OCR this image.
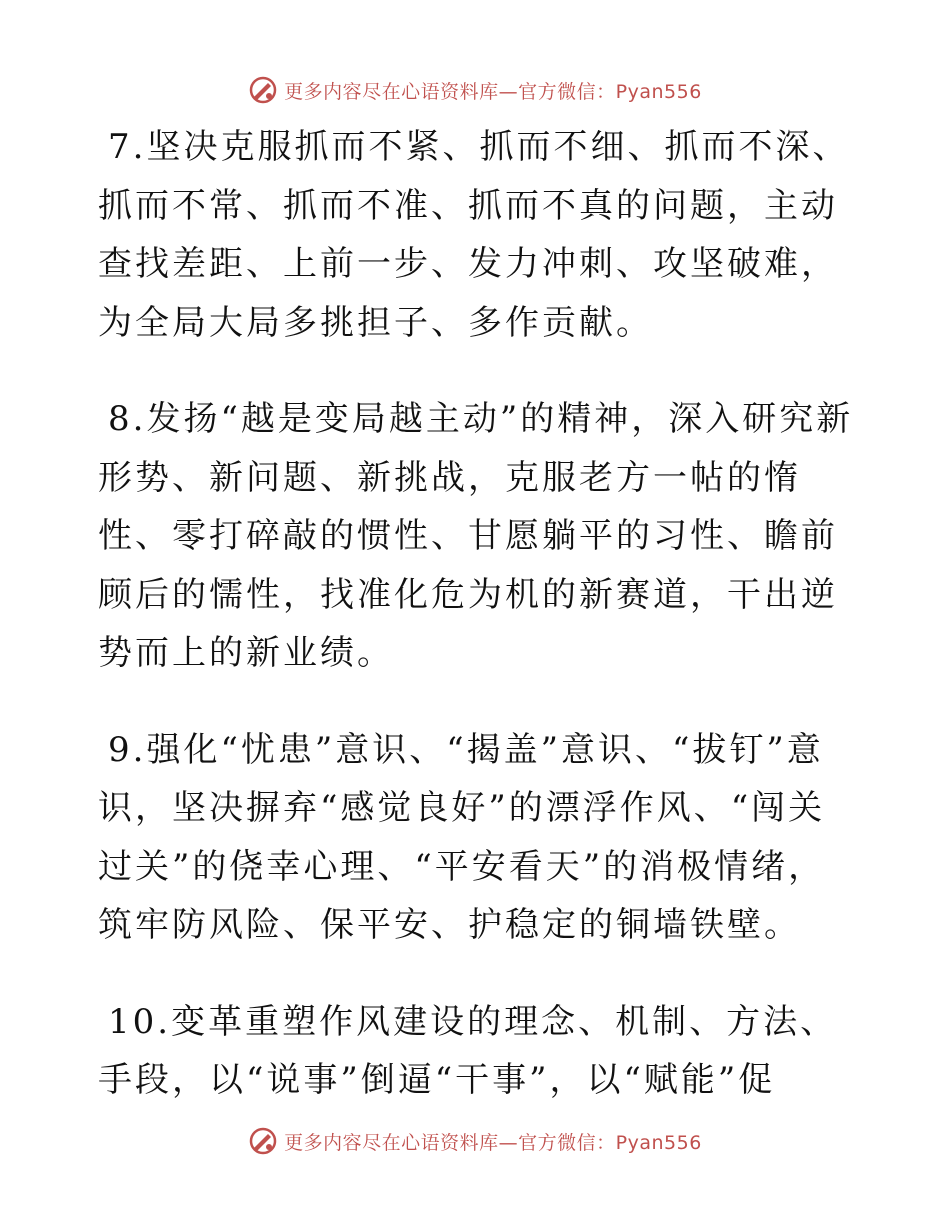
更多内容尽在心语资料库—官方微信：Pyan556

7.坚决克服抓而不紧、抓而不细、抓而不深、抓而不常、抓而不准、抓而不真的问题，主动查找差距、上前一步、发力冲刺、攻坚破难，为全局大局多挑担子、多作贡献。

8.发扬“越是变局越主动”的精神，深入研究新形势、新问题、新挑战，克服老方一帖的惰性、零打碎敲的惯性、甘愿躺平的习性、瞻前顾后的懦性，找准化危为机的新赛道，干出逆势而上的新业绩。

9.强化“忧患”意识、“揭盖”意识、“拔钉”意识，坚决摒弃“感觉良好”的漂浮作风、“闯关过关”的侥幸心理、“平安看天”的消极情绪，筑牢防风险、保平安、护稳定的铜墙铁壁。

10.变革重塑作风建设的理念、机制、方法、手段，以“说事”倒逼“干事”，以“赋能”促

更多内容尽在心语资料库—官方微信：Pyan556
